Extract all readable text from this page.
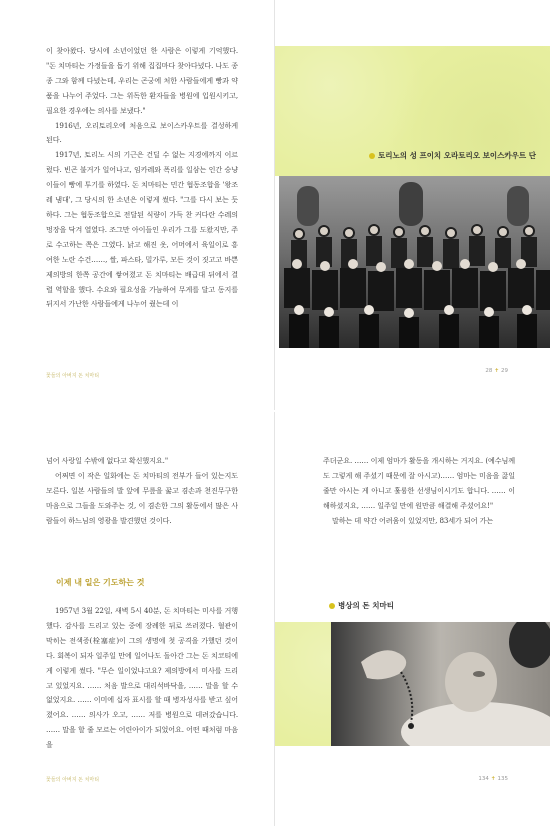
이 찾아왔다. 당시에 소년이었던 한 사람은 이렇게 기억했다. "돈 치마티는 가정들을 돕기 위해 집집마다 찾아다녔다. 나도 종종 그와 함께 다녔는데, 우리는 곤궁에 처한 사람들에게 빵과 약품을 나누어 주었다. 그는 위독한 환자들을 병원에 입원시키고, 필요한 경우에는 의사를 보냈다."

1916년, 오리토리오에 처음으로 보이스카우트를 결성하게 된다.

1917년, 토리노 시의 기근은 건딜 수 없는 지경에까지 이르렀다. 빈곤 불거가 일어나고, 임카레와 폭리를 일삼는 인간 승냥이들이 빵에 투기를 하였다. 돈 치마티는 민간 협동조합을 '왕조레 냄대', 그 당시의 한 소년은 이렇게 썼다. "그를 다시 보는 듯하다. 그는 협동조합으로 전달된 식량이 가득 찬 커다란 수레의 멍장을 닥겨 열였다. 조그만 아이들인 우리가 그를 도왔지만, 주로 수고하는 쪽은 그였다. 낡고 해진 옷, 어머에서 육일이로 흥여한 노란 수건……, 쌀, 파스타, 밀가루, 모든 것이 짓고고 바쁜 제의방의 한쪽 공간에 쌓여졌고 돈 치마티는 배급대 뒤에서 결렬 역할을 했다. 수요와 필요성을 가늠하여 무게를 달고 동지를 뒤지서 가난한 사람들에게 나누어 줬는데 이

꽃들의 아버지 돈 치마티
토리노의 성 프이치 오라토리오 보이스카우트 단
28 ✝ 29

넘어 사랑일 수밖에 없다고 확신했지요."

어쩌면 이 작은 일화에는 돈 치마티의 전부가 들어 있는지도 모른다. 일본 사람들의 발 앞에 무릎을 꿇고 겸손과 천진무구한 마음으로 그들을 도와주는 것, 이 겸손한 그의 활동에서 많은 사람들이 하느님의 영광을 발견했던 것이다.

이제 내 일은 기도하는 것

1957년 3월 22일, 새벽 5시 40분, 돈 치마티는 미사를 거행했다. 감사를 드리고 있는 중에 장례한 뒤로 쓰러졌다. 혈관이 막히는 전색증(栓塞症)이 그의 생명에 첫 공격을 가했던 것이다. 회복이 되자 일주일 만에 일어나도 돌아간 그는 돈 치코티에게 이렇게 썼다. "무슨 일이었냐고요? 제의방에서 미사를 드리고 있었지요. …… 처음 발으로 대리석바닥을, …… 말을 할 수 없었지요. …… 이미에 십자 표시를 할 때 병자성사를 받고 싶어졌어요. …… 의사가 오고, …… 저를 병원으로 데려갔습니다. …… 말을 할 줄 모르는 어린아이가 되었어요. 어떤 때처럼 마음을

꽃들의 아버지 돈 치마티

주더군요. …… 이제 엄마가 활동을 개시하는 거지요. (예수님께도 그렇게 해 주셨기 때문에 잘 아시고)…… 엄마는 미음을 끓일 줄만 아시는 게 아니고 훌륭한 선생님이시기도 합니다. …… 이해하셨지요, …… 일주일 만에 원만큼 해결해 주셨어요!"

말하는 데 약간 어려움이 있었지만, 83세가 되어 가는

병상의 돈 치마티
134 ✝ 135
